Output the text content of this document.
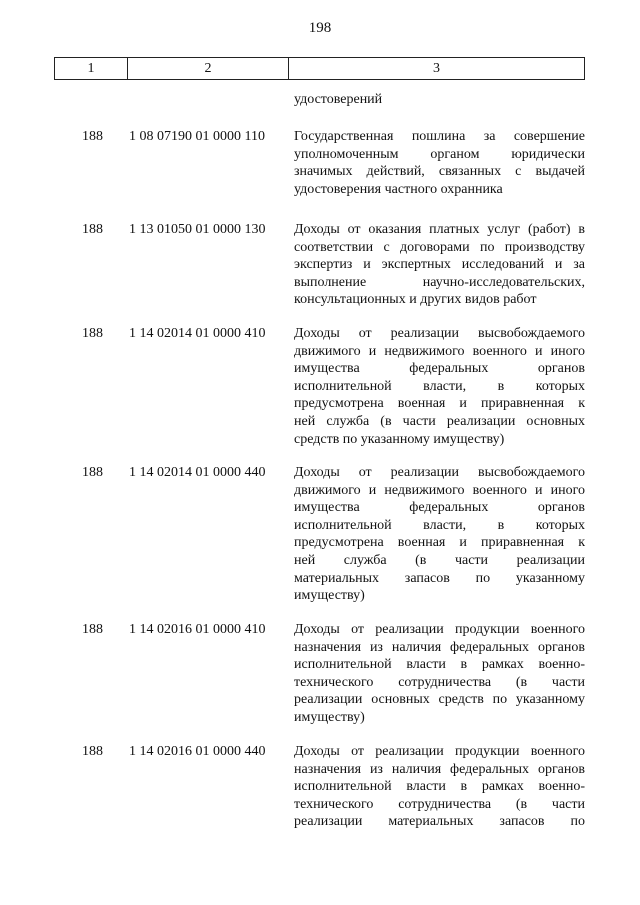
198
1	2	3
удостоверений
188 1 08 07190 01 0000 110 Государственная пошлина за совершение
уполномоченным органом юридически
значимых действий, связанных с выдачей
удостоверения частного охранника
188 1 13 01050 01 0000 130 Доходы от оказания платных услуг (работ) в
соответствии с договорами по производству
экспертиз и экспертных исследований и за
выполнение научно-исследовательских,
консультационных и других видов работ
188 1 14 02014 01 0000 410 Доходы от реализации высвобождаемого
движимого и недвижимого военного и иного
имущества федеральных органов
исполнительной власти, в которых
предусмотрена военная и приравненная к
ней служба (в части реализации основных
средств по указанному имуществу)
188 1 14 02014 01 0000 440 Доходы от реализации высвобождаемого
движимого и недвижимого военного и иного
имущества федеральных органов
исполнительной власти, в которых
предусмотрена военная и приравненная к
ней служба (в части реализации
материальных запасов по указанному
имуществу)
188 1 14 02016 01 0000 410 Доходы от реализации продукции военного
назначения из наличия федеральных органов
исполнительной власти в рамках военно-
технического сотрудничества (в части
реализации основных средств по указанному
имуществу)
188 1 14 02016 01 0000 440 Доходы от реализации продукции военного
назначения из наличия федеральных органов
исполнительной власти в рамках военно-
технического сотрудничества (в части
реализации материальных запасов по
